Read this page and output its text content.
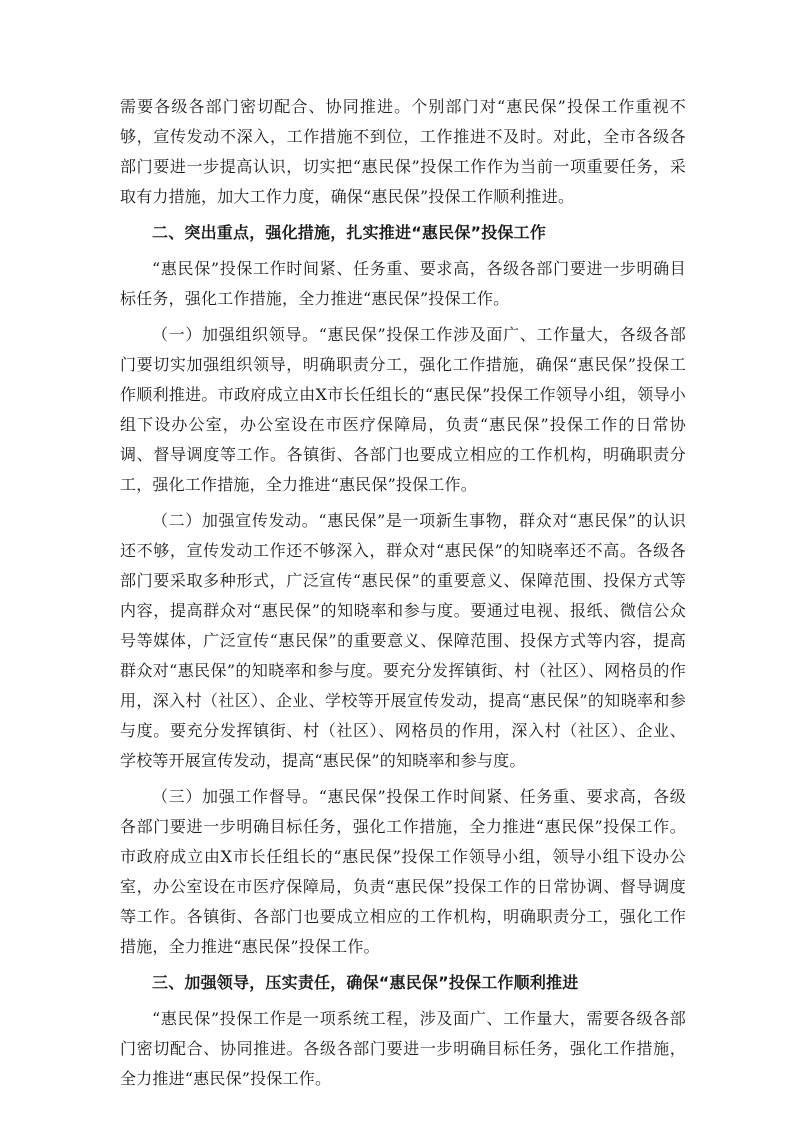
需要各级各部门密切配合、协同推进。个别部门对“惠民保”投保工作重视不够，宣传发动不深入，工作措施不到位，工作推进不及时。对此，全市各级各部门要进一步提高认识，切实把“惠民保”投保工作作为当前一项重要任务，采取有力措施，加大工作力度，确保“惠民保”投保工作顺利推进。

二、突出重点，强化措施，扎实推进“惠民保”投保工作

“惠民保”投保工作时间紧、任务重、要求高，各级各部门要进一步明确目标任务，强化工作措施，全力推进“惠民保”投保工作。

（一）加强组织领导。“惠民保”投保工作涉及面广、工作量大，各级各部门要切实加强组织领导，明确职责分工，强化工作措施，确保“惠民保”投保工作顺利推进。市政府成立由X市长任组长的“惠民保”投保工作领导小组，领导小组下设办公室，办公室设在市医疗保障局，负责“惠民保”投保工作的日常协调、督导调度等工作。各镇街、各部门也要成立相应的工作机构，明确职责分工，强化工作措施，全力推进“惠民保”投保工作。

（二）加强宣传发动。“惠民保”是一项新生事物，群众对“惠民保”的认识还不够，宣传发动工作还不够深入，群众对“惠民保”的知晓率还不高。各级各部门要采取多种形式，广泛宣传“惠民保”的重要意义、保障范围、投保方式等内容，提高群众对“惠民保”的知晓率和参与度。要通过电视、报纸、微信公众号等媒体，广泛宣传“惠民保”的重要意义、保障范围、投保方式等内容，提高群众对“惠民保”的知晓率和参与度。要充分发挥镇街、村（社区）、网格员的作用，深入村（社区）、企业、学校等开展宣传发动，提高“惠民保”的知晓率和参与度。要充分发挥镇街、村（社区）、网格员的作用，深入村（社区）、企业、学校等开展宣传发动，提高“惠民保”的知晓率和参与度。

（三）加强工作督导。“惠民保”投保工作时间紧、任务重、要求高，各级各部门要进一步明确目标任务，强化工作措施，全力推进“惠民保”投保工作。市政府成立由X市长任组长的“惠民保”投保工作领导小组，领导小组下设办公室，办公室设在市医疗保障局，负责“惠民保”投保工作的日常协调、督导调度等工作。各镇街、各部门也要成立相应的工作机构，明确职责分工，强化工作措施，全力推进“惠民保”投保工作。

三、加强领导，压实责任，确保“惠民保”投保工作顺利推进

“惠民保”投保工作是一项系统工程，涉及面广、工作量大，需要各级各部门密切配合、协同推进。各级各部门要进一步明确目标任务，强化工作措施，全力推进“惠民保”投保工作。
